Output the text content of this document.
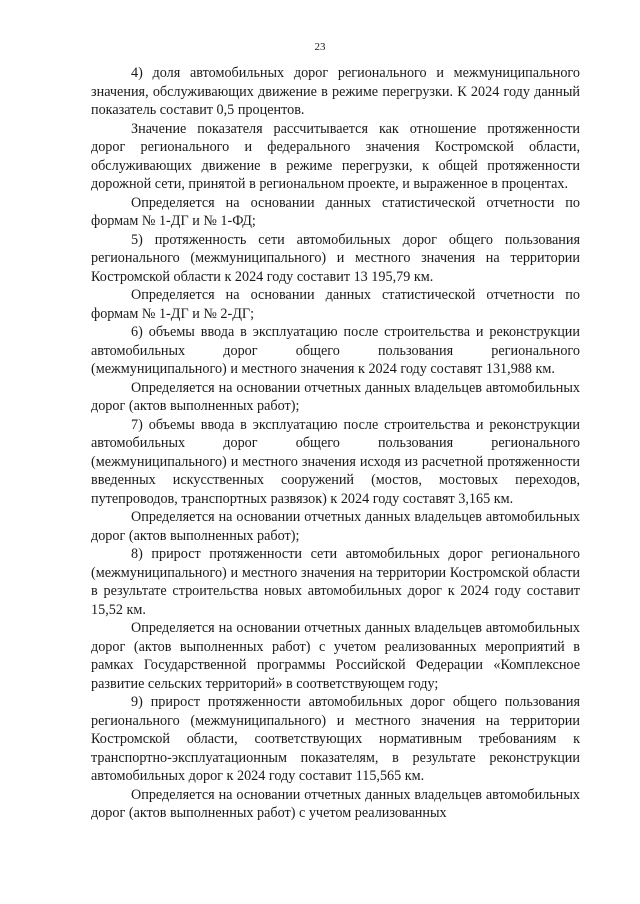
23

4) доля автомобильных дорог регионального и межмуниципального значения, обслуживающих движение в режиме перегрузки. К 2024 году данный показатель составит 0,5 процентов.

Значение показателя рассчитывается как отношение протяженности дорог регионального и федерального значения Костромской области, обслуживающих движение в режиме перегрузки, к общей протяженности дорожной сети, принятой в региональном проекте, и выраженное в процентах.

Определяется на основании данных статистической отчетности по формам № 1-ДГ и № 1-ФД;

5) протяженность сети автомобильных дорог общего пользования регионального (межмуниципального) и местного значения на территории Костромской области к 2024 году составит 13 195,79 км.

Определяется на основании данных статистической отчетности по формам № 1-ДГ и № 2-ДГ;

6) объемы ввода в эксплуатацию после строительства и реконструкции автомобильных дорог общего пользования регионального (межмуниципального) и местного значения к 2024 году составят 131,988 км.

Определяется на основании отчетных данных владельцев автомобильных дорог (актов выполненных работ);

7) объемы ввода в эксплуатацию после строительства и реконструкции автомобильных дорог общего пользования регионального (межмуниципального) и местного значения исходя из расчетной протяженности введенных искусственных сооружений (мостов, мостовых переходов, путепроводов, транспортных развязок) к 2024 году составят 3,165 км.

Определяется на основании отчетных данных владельцев автомобильных дорог (актов выполненных работ);

8) прирост протяженности сети автомобильных дорог регионального (межмуниципального) и местного значения на территории Костромской области в результате строительства новых автомобильных дорог к 2024 году составит 15,52 км.

Определяется на основании отчетных данных владельцев автомобильных дорог (актов выполненных работ) с учетом реализованных мероприятий в рамках Государственной программы Российской Федерации «Комплексное развитие сельских территорий» в соответствующем году;

9) прирост протяженности автомобильных дорог общего пользования регионального (межмуниципального) и местного значения на территории Костромской области, соответствующих нормативным требованиям к транспортно-эксплуатационным показателям, в результате реконструкции автомобильных дорог к 2024 году составит 115,565 км.

Определяется на основании отчетных данных владельцев автомобильных дорог (актов выполненных работ) с учетом реализованных
